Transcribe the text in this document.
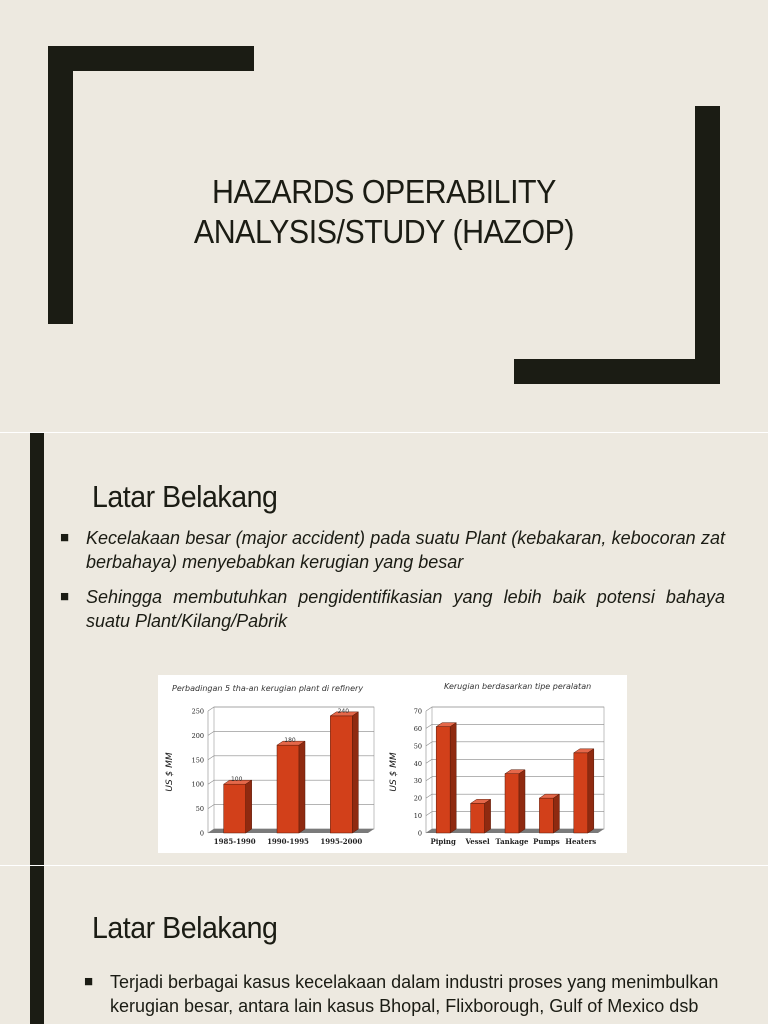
HAZARDS OPERABILITY
ANALYSIS/STUDY (HAZOP)
Latar Belakang
■ Kecelakaan besar (major accident) pada suatu Plant (kebakaran, kebocoran zat berbahaya) menyebabkan kerugian yang besar
■ Sehingga membutuhkan pengidentifikasian yang lebih baik potensi bahaya suatu Plant/Kilang/Pabrik
Perbadingan 5 tha-an kerugian plant di refinery
0
50
100
150
200
250
US $ MM
1985-1990
100
1990-1995
180
1995-2000
240
Kerugian berdasarkan tipe peralatan
0
10
20
30
40
50
60
70
US $ MM
Piping Vessel Tankage Pumps Heaters
Latar Belakang
■ Terjadi berbagai kasus kecelakaan dalam industri proses yang menimbulkan kerugian besar, antara lain kasus Bhopal, Flixborough, Gulf of Mexico dsb
